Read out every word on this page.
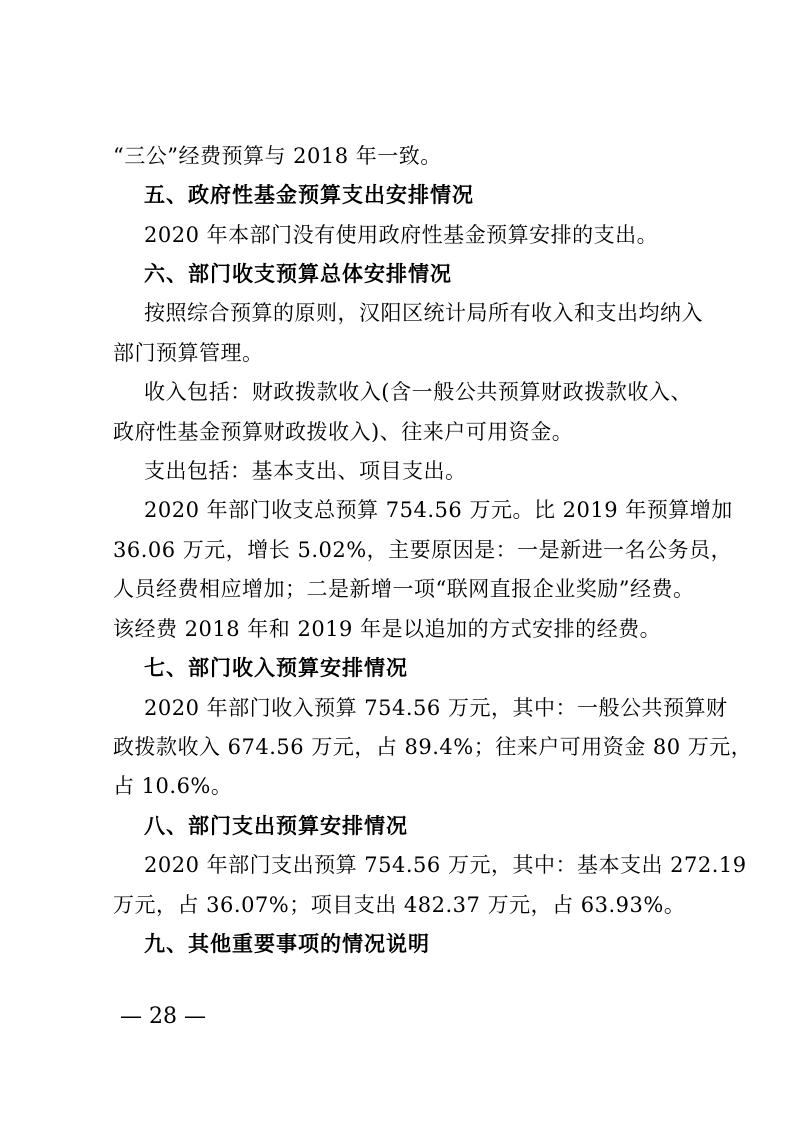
“三公”经费预算与 2018 年一致。
五、政府性基金预算支出安排情况
2020 年本部门没有使用政府性基金预算安排的支出。
六、部门收支预算总体安排情况
按照综合预算的原则，汉阳区统计局所有收入和支出均纳入
部门预算管理。
收入包括：财政拨款收入(含一般公共预算财政拨款收入、
政府性基金预算财政拨收入)、往来户可用资金。
支出包括：基本支出、项目支出。
2020 年部门收支总预算 754.56 万元。比 2019 年预算增加
36.06 万元，增长 5.02%，主要原因是：一是新进一名公务员，
人员经费相应增加；二是新增一项“联网直报企业奖励”经费。
该经费 2018 年和 2019 年是以追加的方式安排的经费。
七、部门收入预算安排情况
2020 年部门收入预算 754.56 万元，其中：一般公共预算财
政拨款收入 674.56 万元，占 89.4%；往来户可用资金 80 万元，
占 10.6%。
八、部门支出预算安排情况
2020 年部门支出预算 754.56 万元，其中：基本支出 272.19
万元，占 36.07%；项目支出 482.37 万元，占 63.93%。
九、其他重要事项的情况说明
— 28 —
